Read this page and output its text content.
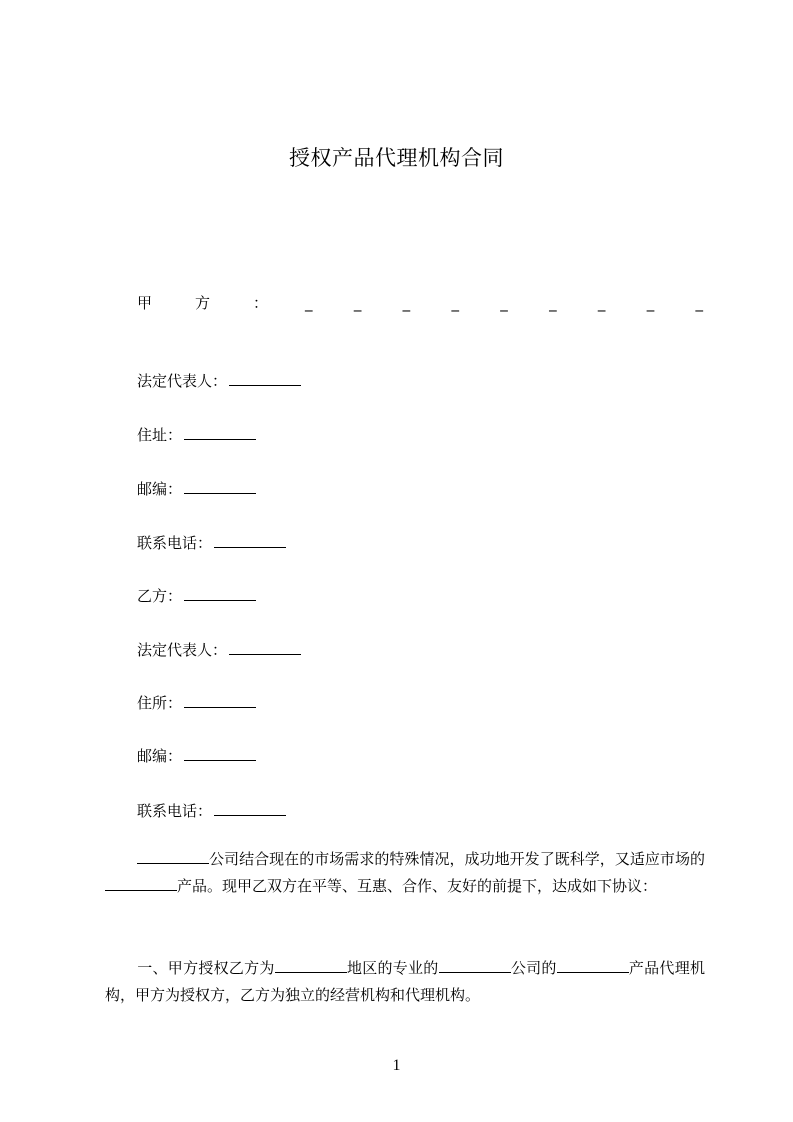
授权产品代理机构合同
甲	方	： _	_	_	_	_	_	_	_	_
法定代表人：
住址：
邮编：
联系电话：
乙方：
法定代表人：
住所：
邮编：
联系电话：
公司结合现在的市场需求的特殊情况，成功地开发了既科学，又适应市场的产品。现甲乙双方在平等、互惠、合作、友好的前提下，达成如下协议：
一、甲方授权乙方为	地区的专业的	公司的	产品代理机构，甲方为授权方，乙方为独立的经营机构和代理机构。
1
